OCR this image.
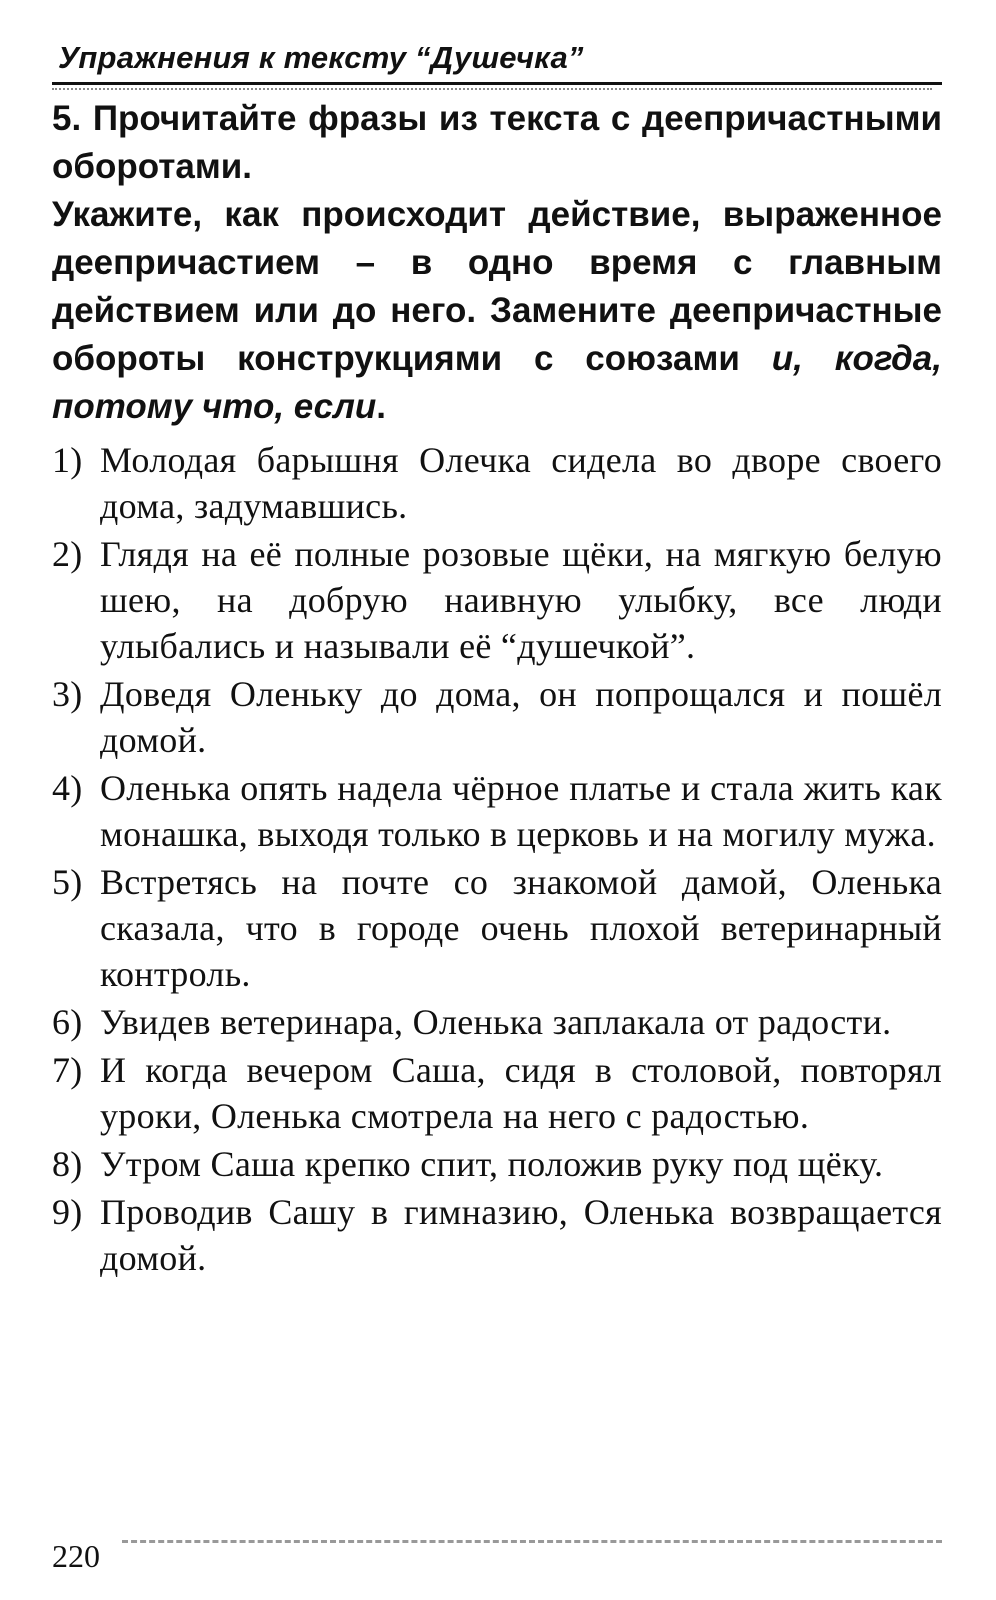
Упражнения к тексту “Душечка”

5. Прочитайте фразы из текста с деепричастными оборотами.

Укажите, как происходит действие, выраженное деепричастием – в одно время с главным действием или до него. Замените деепричастные обороты конструкциями с союзами и, когда, потому что, если.

1) Молодая барышня Олечка сидела во дворе своего дома, задумавшись.
2) Глядя на её полные розовые щёки, на мягкую белую шею, на добрую наивную улыбку, все люди улыбались и называли её “душечкой”.
3) Доведя Оленьку до дома, он попрощался и пошёл домой.
4) Оленька опять надела чёрное платье и стала жить как монашка, выходя только в церковь и на могилу мужа.
5) Встретясь на почте со знакомой дамой, Оленька сказала, что в городе очень плохой ветеринарный контроль.
6) Увидев ветеринара, Оленька заплакала от радости.
7) И когда вечером Саша, сидя в столовой, повторял уроки, Оленька смотрела на него с радостью.
8) Утром Саша крепко спит, положив руку под щёку.
9) Проводив Сашу в гимназию, Оленька возвращается домой.
220
